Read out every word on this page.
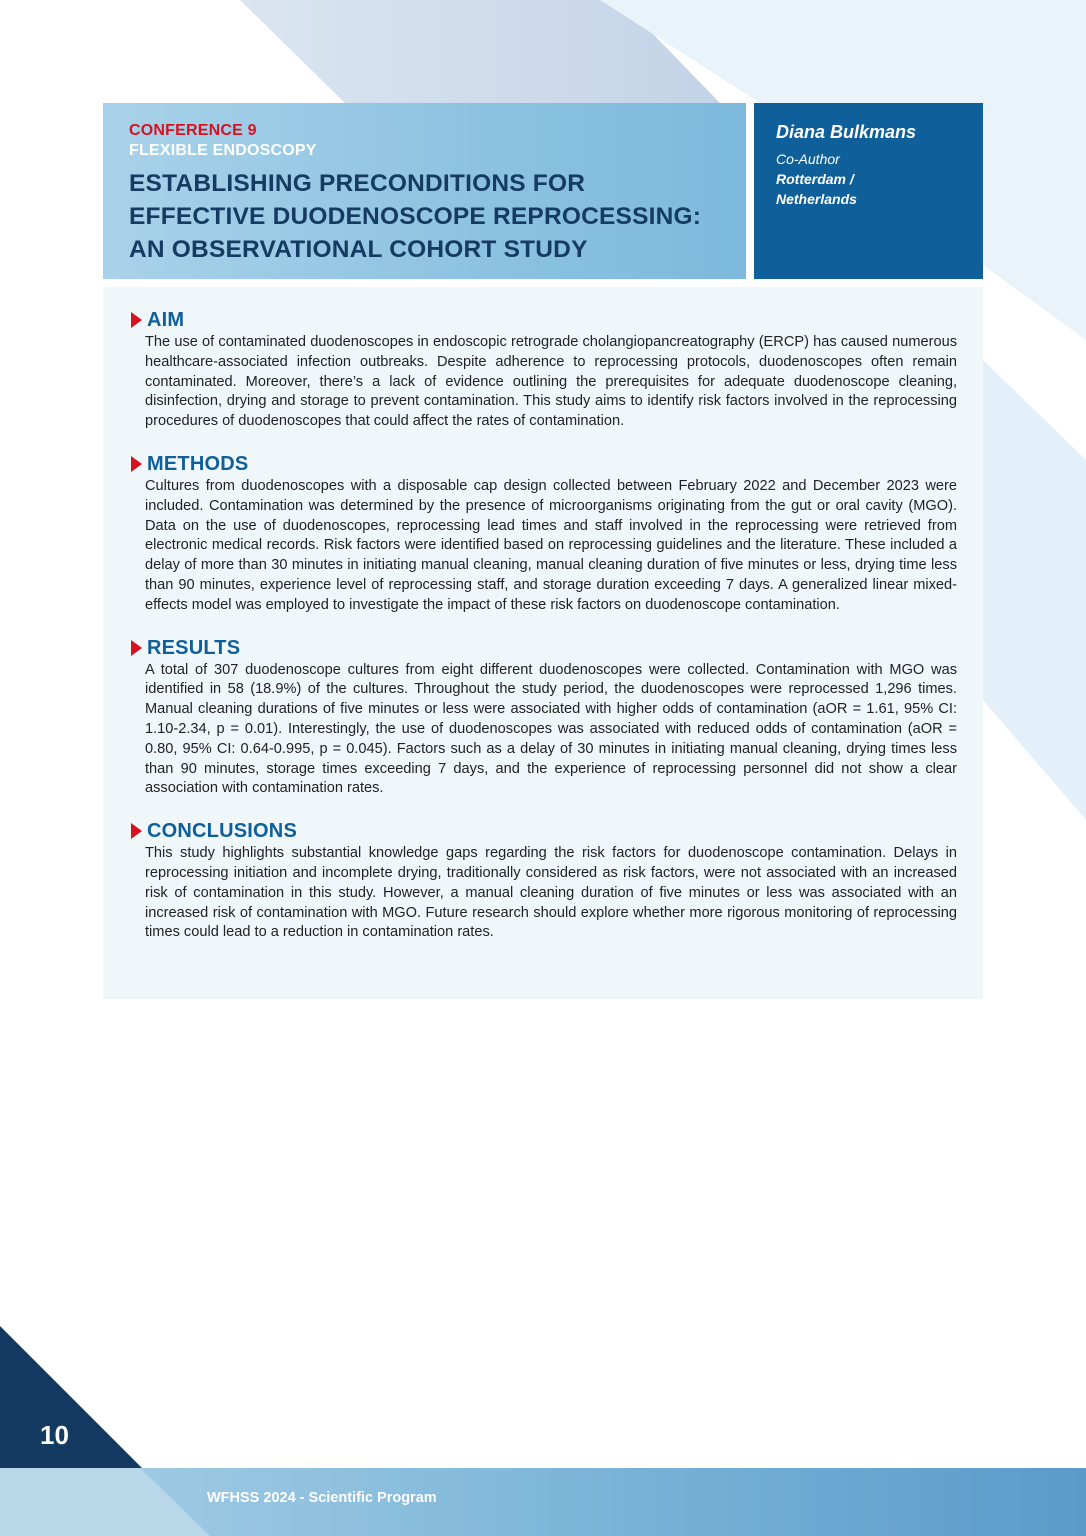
CONFERENCE 9
FLEXIBLE ENDOSCOPY
ESTABLISHING PRECONDITIONS FOR EFFECTIVE DUODENOSCOPE REPROCESSING: AN OBSERVATIONAL COHORT STUDY
Diana Bulkmans
Co-Author
Rotterdam /
Netherlands
AIM
The use of contaminated duodenoscopes in endoscopic retrograde cholangiopancreatography (ERCP) has caused numerous healthcare-associated infection outbreaks. Despite adherence to reprocessing protocols, duodenoscopes often remain contaminated. Moreover, there’s a lack of evidence outlining the prerequisites for adequate duodenoscope cleaning, disinfection, drying and storage to prevent contamination. This study aims to identify risk factors involved in the reprocessing procedures of duodenoscopes that could affect the rates of contamination.
METHODS
Cultures from duodenoscopes with a disposable cap design collected between February 2022 and December 2023 were included. Contamination was determined by the presence of microorganisms originating from the gut or oral cavity (MGO). Data on the use of duodenoscopes, reprocessing lead times and staff involved in the reprocessing were retrieved from electronic medical records. Risk factors were identified based on reprocessing guidelines and the literature. These included a delay of more than 30 minutes in initiating manual cleaning, manual cleaning duration of five minutes or less, drying time less than 90 minutes, experience level of reprocessing staff, and storage duration exceeding 7 days. A generalized linear mixed-effects model was employed to investigate the impact of these risk factors on duodenoscope contamination.
RESULTS
A total of 307 duodenoscope cultures from eight different duodenoscopes were collected. Contamination with MGO was identified in 58 (18.9%) of the cultures. Throughout the study period, the duodenoscopes were reprocessed 1,296 times. Manual cleaning durations of five minutes or less were associated with higher odds of contamination (aOR = 1.61, 95% CI: 1.10-2.34, p = 0.01). Interestingly, the use of duodenoscopes was associated with reduced odds of contamination (aOR = 0.80, 95% CI: 0.64-0.995, p = 0.045). Factors such as a delay of 30 minutes in initiating manual cleaning, drying times less than 90 minutes, storage times exceeding 7 days, and the experience of reprocessing personnel did not show a clear association with contamination rates.
CONCLUSIONS
This study highlights substantial knowledge gaps regarding the risk factors for duodenoscope contamination. Delays in reprocessing initiation and incomplete drying, traditionally considered as risk factors, were not associated with an increased risk of contamination in this study. However, a manual cleaning duration of five minutes or less was associated with an increased risk of contamination with MGO. Future research should explore whether more rigorous monitoring of reprocessing times could lead to a reduction in contamination rates.
10
WFHSS 2024 - Scientific Program
